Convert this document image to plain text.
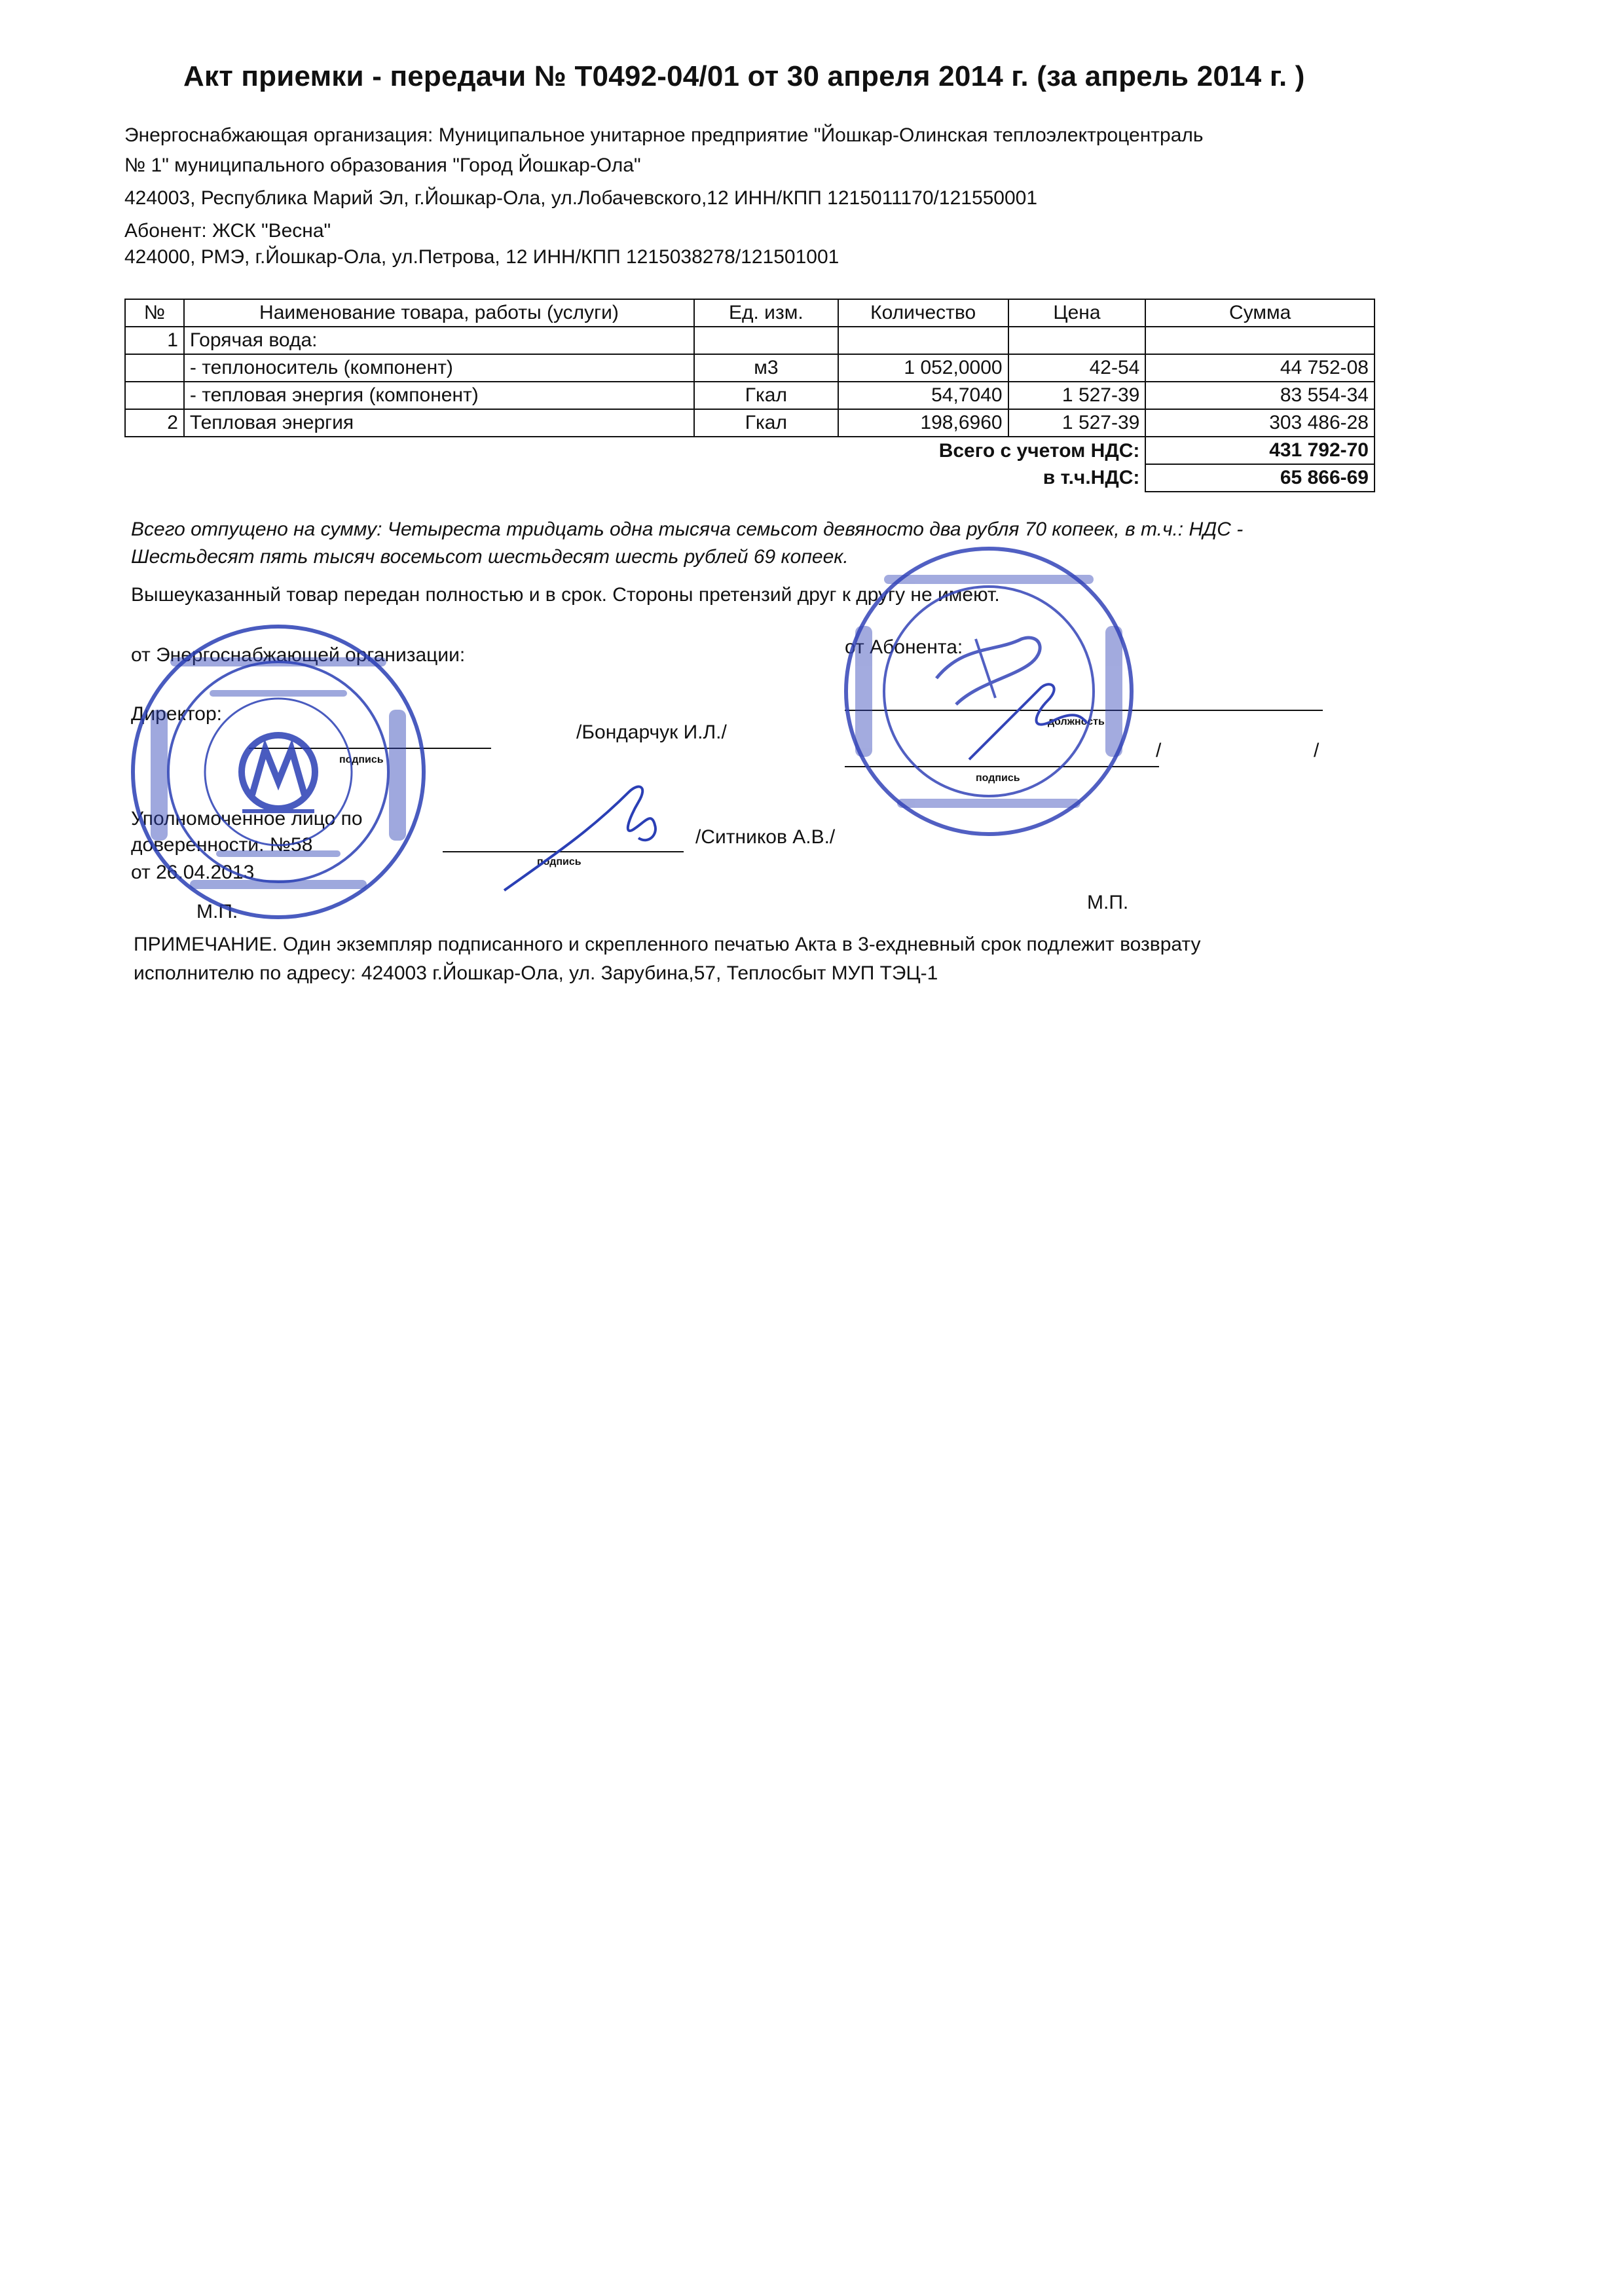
Акт приемки - передачи № Т0492-04/01 от 30 апреля 2014 г. (за апрель 2014 г. )
Энергоснабжающая организация: Муниципальное унитарное предприятие "Йошкар-Олинская теплоэлектроцентраль
№ 1" муниципального образования "Город Йошкар-Ола"
424003, Республика Марий Эл, г.Йошкар-Ола, ул.Лобачевского,12 ИНН/КПП 1215011170/121550001
Абонент: ЖСК "Весна"
424000, РМЭ, г.Йошкар-Ола, ул.Петрова, 12 ИНН/КПП 1215038278/121501001
№	Наименование товара, работы (услуги)	Ед. изм.	Количество	Цена	Сумма
1	Горячая вода:				
	- теплоноситель (компонент)	м3	1 052,0000	42-54	44 752-08
	- тепловая энергия (компонент)	Гкал	54,7040	1 527-39	83 554-34
2	Тепловая энергия	Гкал	198,6960	1 527-39	303 486-28
Всего с учетом НДС:					431 792-70
в т.ч.НДС:					65 866-69
Всего отпущено на сумму: Четыреста тридцать одна тысяча семьсот девяносто два рубля 70 копеек, в т.ч.: НДС -
Шестьдесят пять тысяч восемьсот шестьдесят шесть рублей 69 копеек.
Вышеуказанный товар передан полностью и в срок. Стороны претензий друг к другу не имеют.
от Энергоснабжающей организации:	от Абонента:
Директор:
подпись
/Бондарчук И.Л./	должность
подпись
/	/
Уполномоченное лицо по
доверенности. №58
от 26.04.2013	подпись
/Ситников А.В./
М.П.	М.П.
ПРИМЕЧАНИЕ. Один экземпляр подписанного и скрепленного печатью Акта в 3-ехдневный срок подлежит возврату
исполнителю по адресу: 424003 г.Йошкар-Ола, ул. Зарубина,57, Теплосбыт МУП ТЭЦ-1
